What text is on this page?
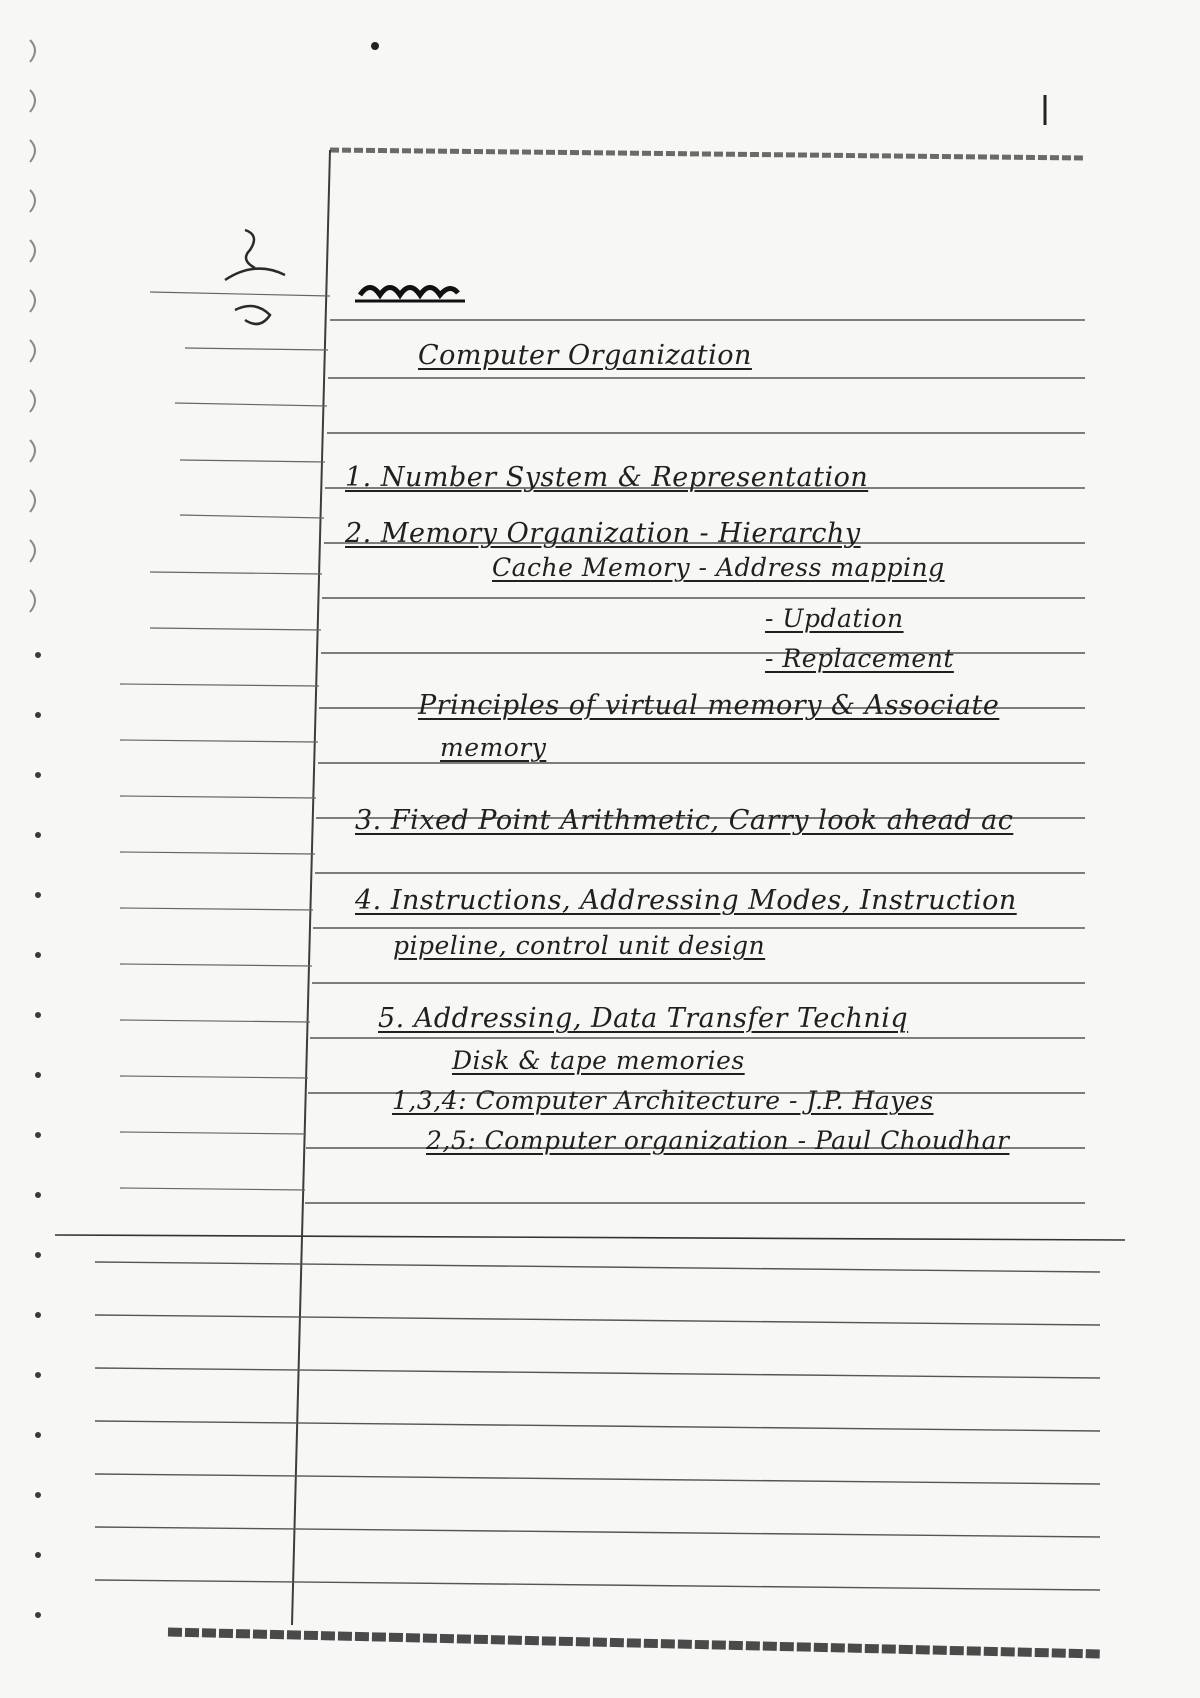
Computer Organization
1. Number System & Representation
2. Memory Organization - Hierarchy
Cache Memory - Address mapping
- Updation
- Replacement
Principles of virtual memory & Associate
memory
3. Fixed Point Arithmetic, Carry look ahead ac
4. Instructions, Addressing Modes, Instruction
pipeline, control unit design
5. Addressing, Data Transfer Techniq
Disk & tape memories
1,3,4: Computer Architecture - J.P. Hayes
2,5: Computer organization - Paul Choudhar
